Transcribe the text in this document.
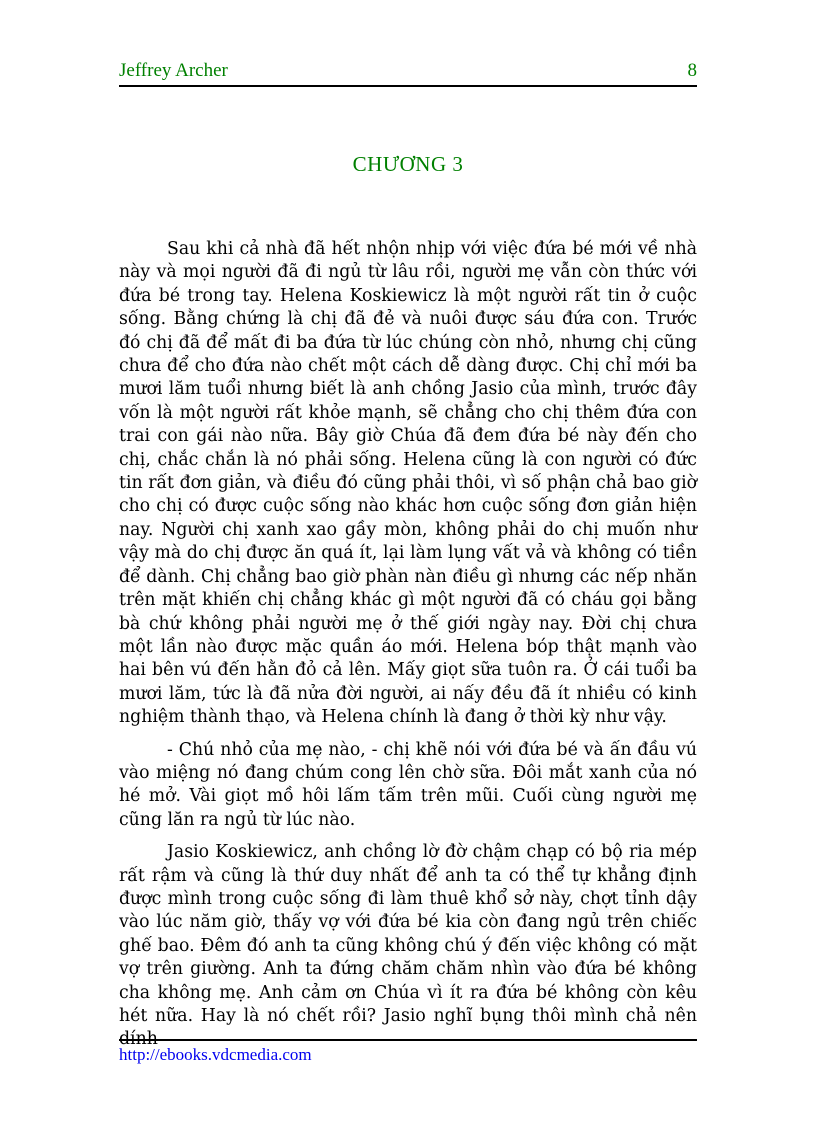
Jeffrey Archer	8
CHƯƠNG 3

Sau khi cả nhà đã hết nhộn nhịp với việc đứa bé mới về nhà này và mọi người đã đi ngủ từ lâu rồi, người mẹ vẫn còn thức với đứa bé trong tay. Helena Koskiewicz là một người rất tin ở cuộc sống. Bằng chứng là chị đã đẻ và nuôi được sáu đứa con. Trước đó chị đã để mất đi ba đứa từ lúc chúng còn nhỏ, nhưng chị cũng chưa để cho đứa nào chết một cách dễ dàng được. Chị chỉ mới ba mươi lăm tuổi nhưng biết là anh chồng Jasio của mình, trước đây vốn là một người rất khỏe mạnh, sẽ chẳng cho chị thêm đứa con trai con gái nào nữa. Bây giờ Chúa đã đem đứa bé này đến cho chị, chắc chắn là nó phải sống. Helena cũng là con người có đức tin rất đơn giản, và điều đó cũng phải thôi, vì số phận chả bao giờ cho chị có được cuộc sống nào khác hơn cuộc sống đơn giản hiện nay. Người chị xanh xao gầy mòn, không phải do chị muốn như vậy mà do chị được ăn quá ít, lại làm lụng vất vả và không có tiền để dành. Chị chẳng bao giờ phàn nàn điều gì nhưng các nếp nhăn trên mặt khiến chị chẳng khác gì một người đã có cháu gọi bằng bà chứ không phải người mẹ ở thế giới ngày nay. Đời chị chưa một lần nào được mặc quần áo mới. Helena bóp thật mạnh vào hai bên vú đến hằn đỏ cả lên. Mấy giọt sữa tuôn ra. Ở cái tuổi ba mươi lăm, tức là đã nửa đời người, ai nấy đều đã ít nhiều có kinh nghiệm thành thạo, và Helena chính là đang ở thời kỳ như vậy.

- Chú nhỏ của mẹ nào, - chị khẽ nói với đứa bé và ấn đầu vú vào miệng nó đang chúm cong lên chờ sữa. Đôi mắt xanh của nó hé mở. Vài giọt mồ hôi lấm tấm trên mũi. Cuối cùng người mẹ cũng lăn ra ngủ từ lúc nào.

Jasio Koskiewicz, anh chồng lờ đờ chậm chạp có bộ ria mép rất rậm và cũng là thứ duy nhất để anh ta có thể tự khẳng định được mình trong cuộc sống đi làm thuê khổ sở này, chợt tỉnh dậy vào lúc năm giờ, thấy vợ với đứa bé kia còn đang ngủ trên chiếc ghế bao. Đêm đó anh ta cũng không chú ý đến việc không có mặt vợ trên giường. Anh ta đứng chăm chăm nhìn vào đứa bé không cha không mẹ. Anh cảm ơn Chúa vì ít ra đứa bé không còn kêu hét nữa. Hay là nó chết rồi? Jasio nghĩ bụng thôi mình chả nên dính

http://ebooks.vdcmedia.com
